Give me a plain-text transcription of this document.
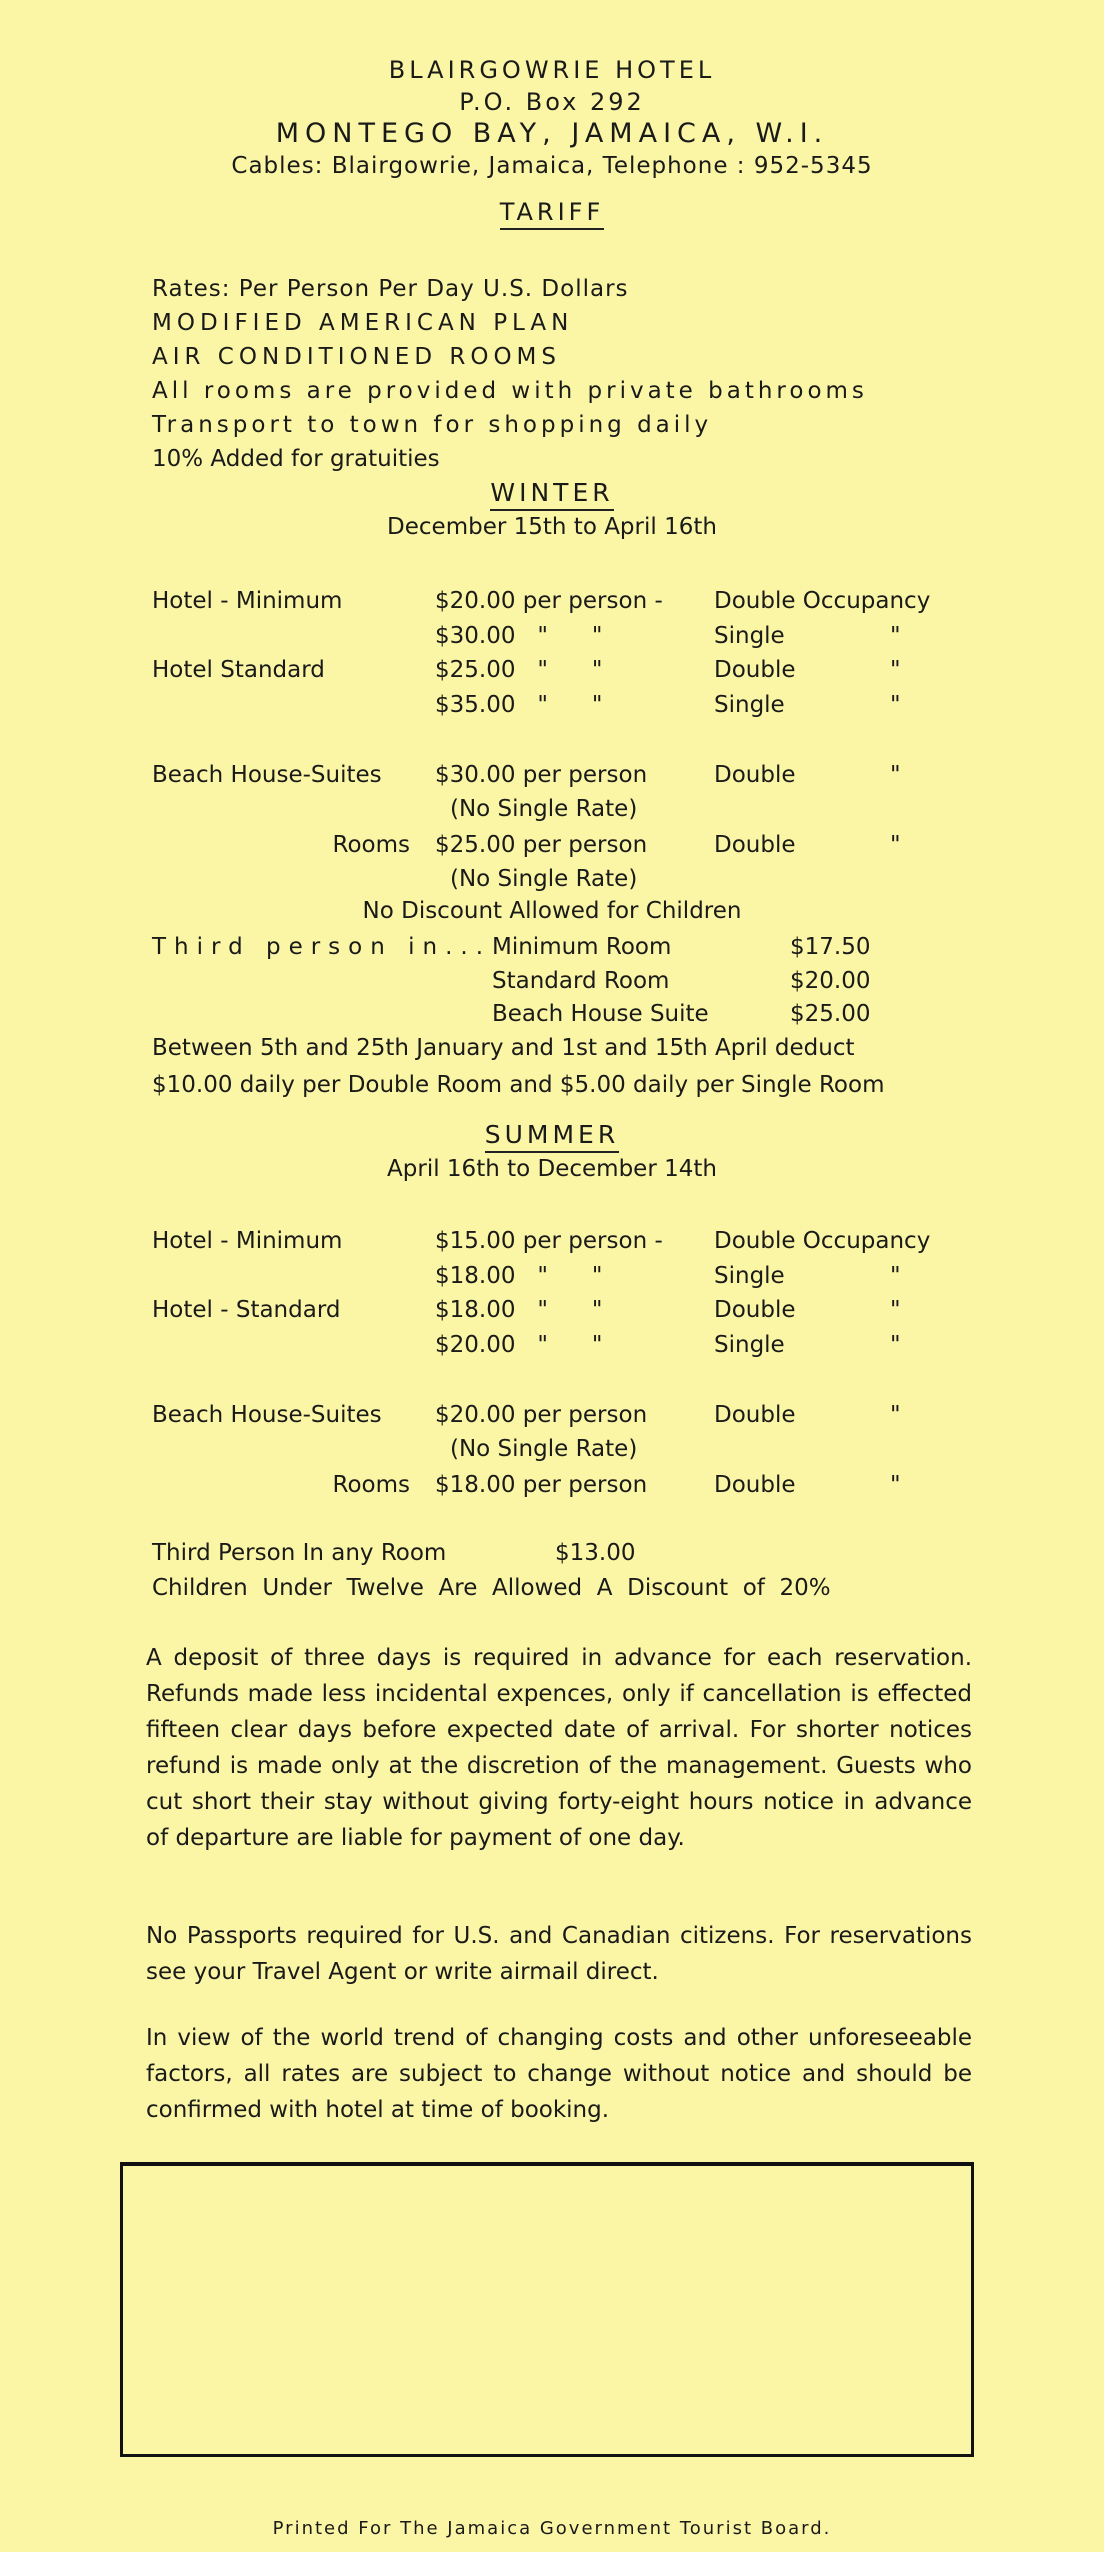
BLAIRGOWRIE HOTEL
P.O. Box 292
MONTEGO BAY, JAMAICA, W.I.
Cables: Blairgowrie, Jamaica, Telephone : 952-5345
TARIFF
Rates: Per Person Per Day U.S. Dollars
MODIFIED AMERICAN PLAN
AIR CONDITIONED ROOMS
All rooms are provided with private bathrooms
Transport to town for shopping daily
10% Added for gratuities
WINTER
December 15th to April 16th
Hotel - Minimum	$20.00 per person - Double Occupancy
$30.00   "      "	Single	"
Hotel Standard	$25.00   "      "	Double	"
$35.00   "      "	Single	"
Beach House-Suites $30.00 per person	Double	"
(No Single Rate)
Rooms $25.00 per person	Double	"
(No Single Rate)
No Discount Allowed for Children
Third person in... Minimum Room	$17.50
Standard Room	$20.00
Beach House Suite	$25.00
Between 5th and 25th January and 1st and 15th April deduct
$10.00 daily per Double Room and $5.00 daily per Single Room
SUMMER
April 16th to December 14th
Hotel - Minimum	$15.00 per person - Double Occupancy
$18.00   "      "	Single	"
Hotel - Standard	$18.00   "      "	Double	"
$20.00   "      "	Single	"
Beach House-Suites $20.00 per person	Double	"
(No Single Rate)
Rooms $18.00 per person	Double	"
Third Person In any Room	$13.00
Children  Under  Twelve  Are  Allowed  A  Discount  of  20%
A deposit of three days is required in advance for each reservation. Refunds made less incidental expences, only if cancellation is effected fifteen clear days before expected date of arrival. For shorter notices refund is made only at the discretion of the management. Guests who cut short their stay without giving forty-eight hours notice in advance of departure are liable for payment of one day.
No Passports required for U.S. and Canadian citizens. For reservations see your Travel Agent or write airmail direct.
In view of the world trend of changing costs and other unforeseeable factors, all rates are subject to change without notice and should be confirmed with hotel at time of booking.
Printed For The Jamaica Government Tourist Board.
